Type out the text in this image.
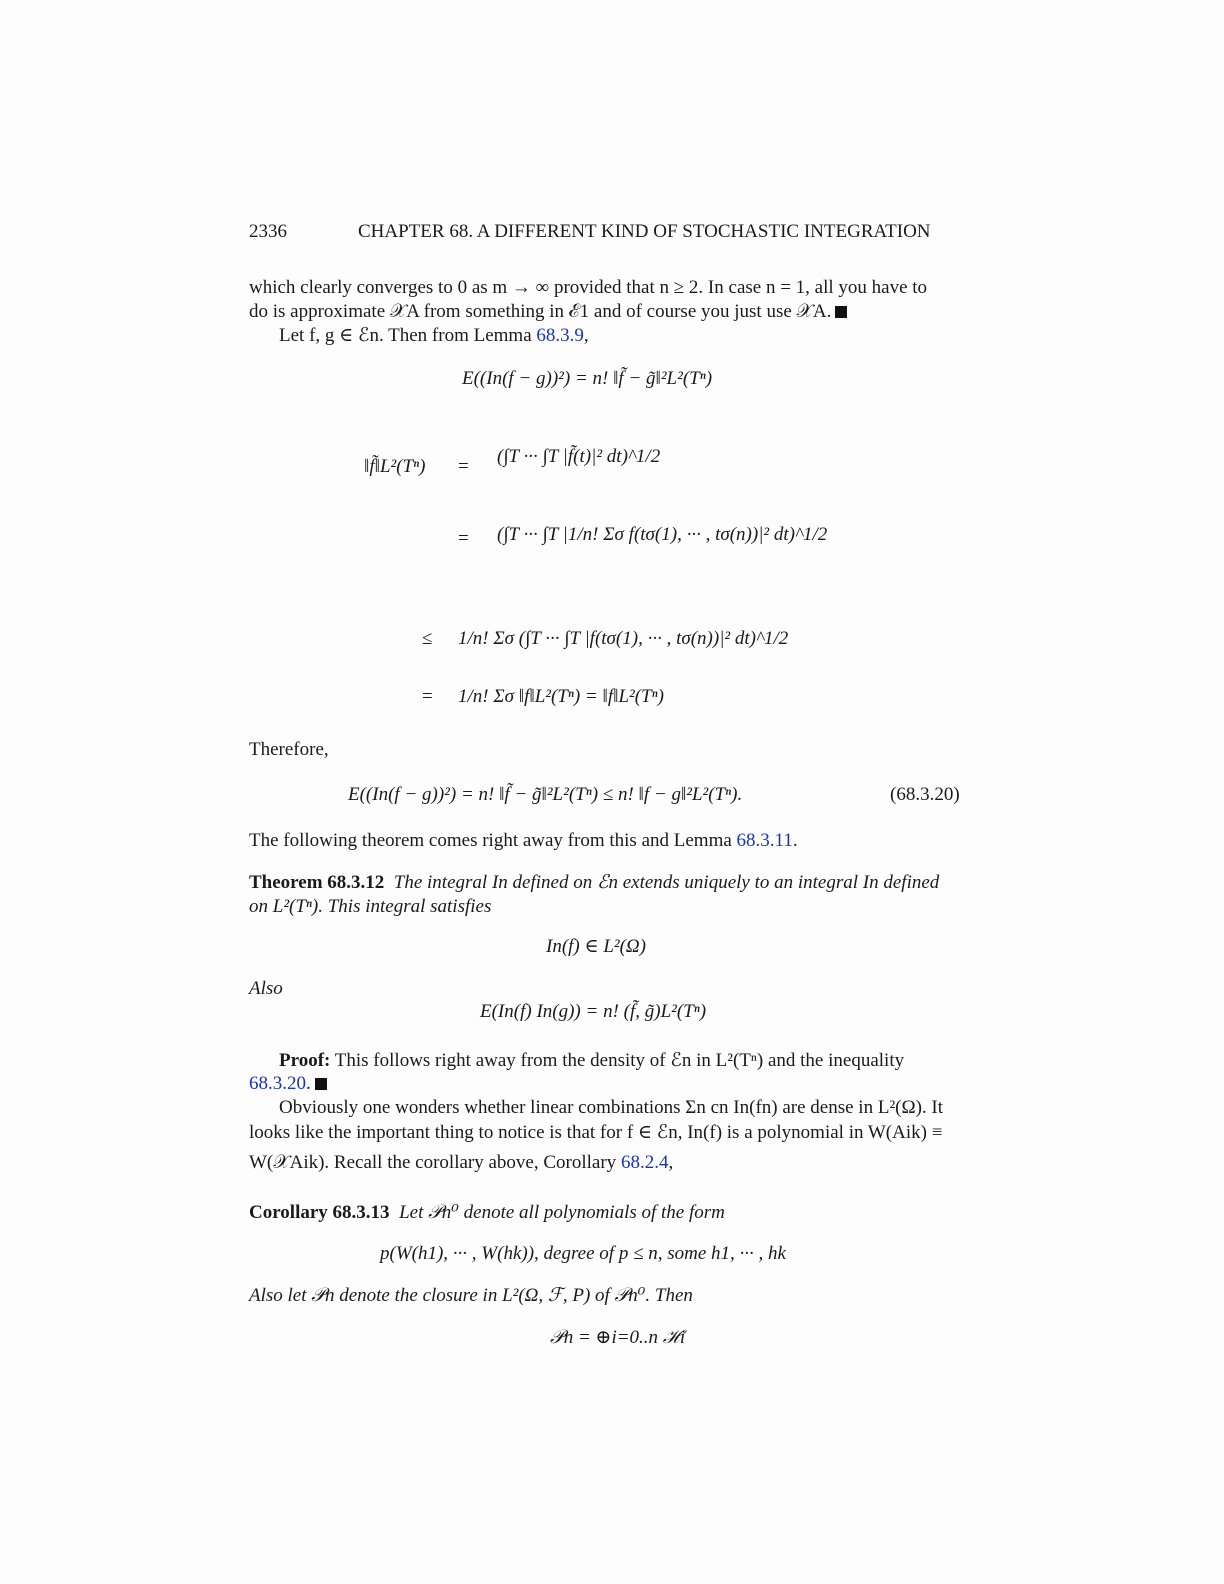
2336	CHAPTER 68. A DIFFERENT KIND OF STOCHASTIC INTEGRATION
which clearly converges to 0 as m → ∞ provided that n ≥ 2. In case n = 1, all you have to
do is approximate 𝒳A from something in ℰ1 and of course you just use 𝒳A.
Let f, g ∈ ℰn. Then from Lemma 68.3.9,
E((In(f − g))²) = n! ‖f̃ − g̃‖²L²(Tⁿ)
‖f̃‖L²(Tⁿ) = (∫T ··· ∫T |f̃(t)|² dt)^1/2
= (∫T ··· ∫T |1/n! Σσ f(tσ(1), ··· , tσ(n))|² dt)^1/2
≤ 1/n! Σσ (∫T ··· ∫T |f(tσ(1), ··· , tσ(n))|² dt)^1/2
= 1/n! Σσ ‖f‖L²(Tⁿ) = ‖f‖L²(Tⁿ)
Therefore,
E((In(f − g))²) = n! ‖f̃ − g̃‖²L²(Tⁿ) ≤ n! ‖f − g‖²L²(Tⁿ).	(68.3.20)
The following theorem comes right away from this and Lemma 68.3.11.
Theorem 68.3.12 The integral In defined on ℰn extends uniquely to an integral In defined
on L²(Tⁿ). This integral satisfies
In(f) ∈ L²(Ω)
Also
E(In(f) In(g)) = n! (f̃, g̃)L²(Tⁿ)
Proof: This follows right away from the density of ℰn in L²(Tⁿ) and the inequality
68.3.20.
Obviously one wonders whether linear combinations Σn cn In(fn) are dense in L²(Ω). It
looks like the important thing to notice is that for f ∈ ℰn, In(f) is a polynomial in W(Aik) ≡
W(𝒳Aik). Recall the corollary above, Corollary 68.2.4,
Corollary 68.3.13 Let 𝒫n⁰ denote all polynomials of the form
p(W(h1), ··· , W(hk)), degree of p ≤ n, some h1, ··· , hk
Also let 𝒫n denote the closure in L²(Ω, ℱ, P) of 𝒫n⁰. Then
𝒫n = ⊕i=0..n ℋi
